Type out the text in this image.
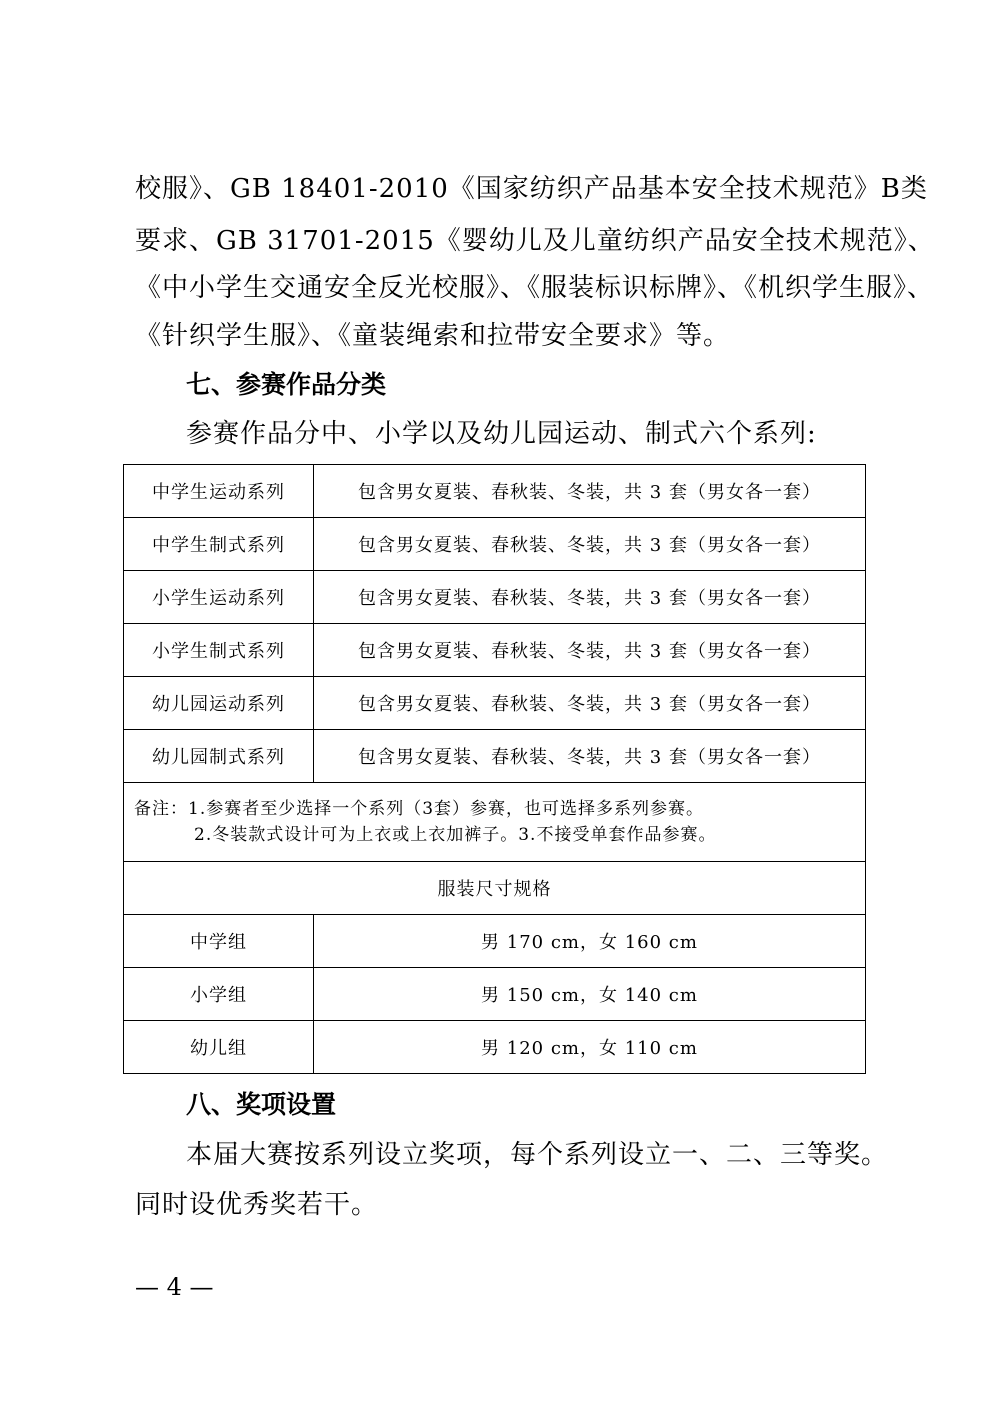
校服》、GB 18401-2010《国家纺织产品基本安全技术规范》B类
要求、GB 31701-2015《婴幼儿及儿童纺织产品安全技术规范》、
《中小学生交通安全反光校服》、《服装标识标牌》、《机织学生服》、
《针织学生服》、《童装绳索和拉带安全要求》等。
七、参赛作品分类
参赛作品分中、小学以及幼儿园运动、制式六个系列:
中学生运动系列	包含男女夏装、春秋装、冬装，共 3 套（男女各一套）
中学生制式系列	包含男女夏装、春秋装、冬装，共 3 套（男女各一套）
小学生运动系列	包含男女夏装、春秋装、冬装，共 3 套（男女各一套）
小学生制式系列	包含男女夏装、春秋装、冬装，共 3 套（男女各一套）
幼儿园运动系列	包含男女夏装、春秋装、冬装，共 3 套（男女各一套）
幼儿园制式系列	包含男女夏装、春秋装、冬装，共 3 套（男女各一套）

备注：1.参赛者至少选择一个系列（3套）参赛，也可选择多系列参赛。
2.冬装款式设计可为上衣或上衣加裤子。3.不接受单套作品参赛。	

服装尺寸规格	
中学组	男 170 cm，女 160 cm
小学组	男 150 cm，女 140 cm
幼儿组	男 120 cm，女 110 cm
八、奖项设置
本届大赛按系列设立奖项，每个系列设立一、二、三等奖。
同时设优秀奖若干。
— 4 —
